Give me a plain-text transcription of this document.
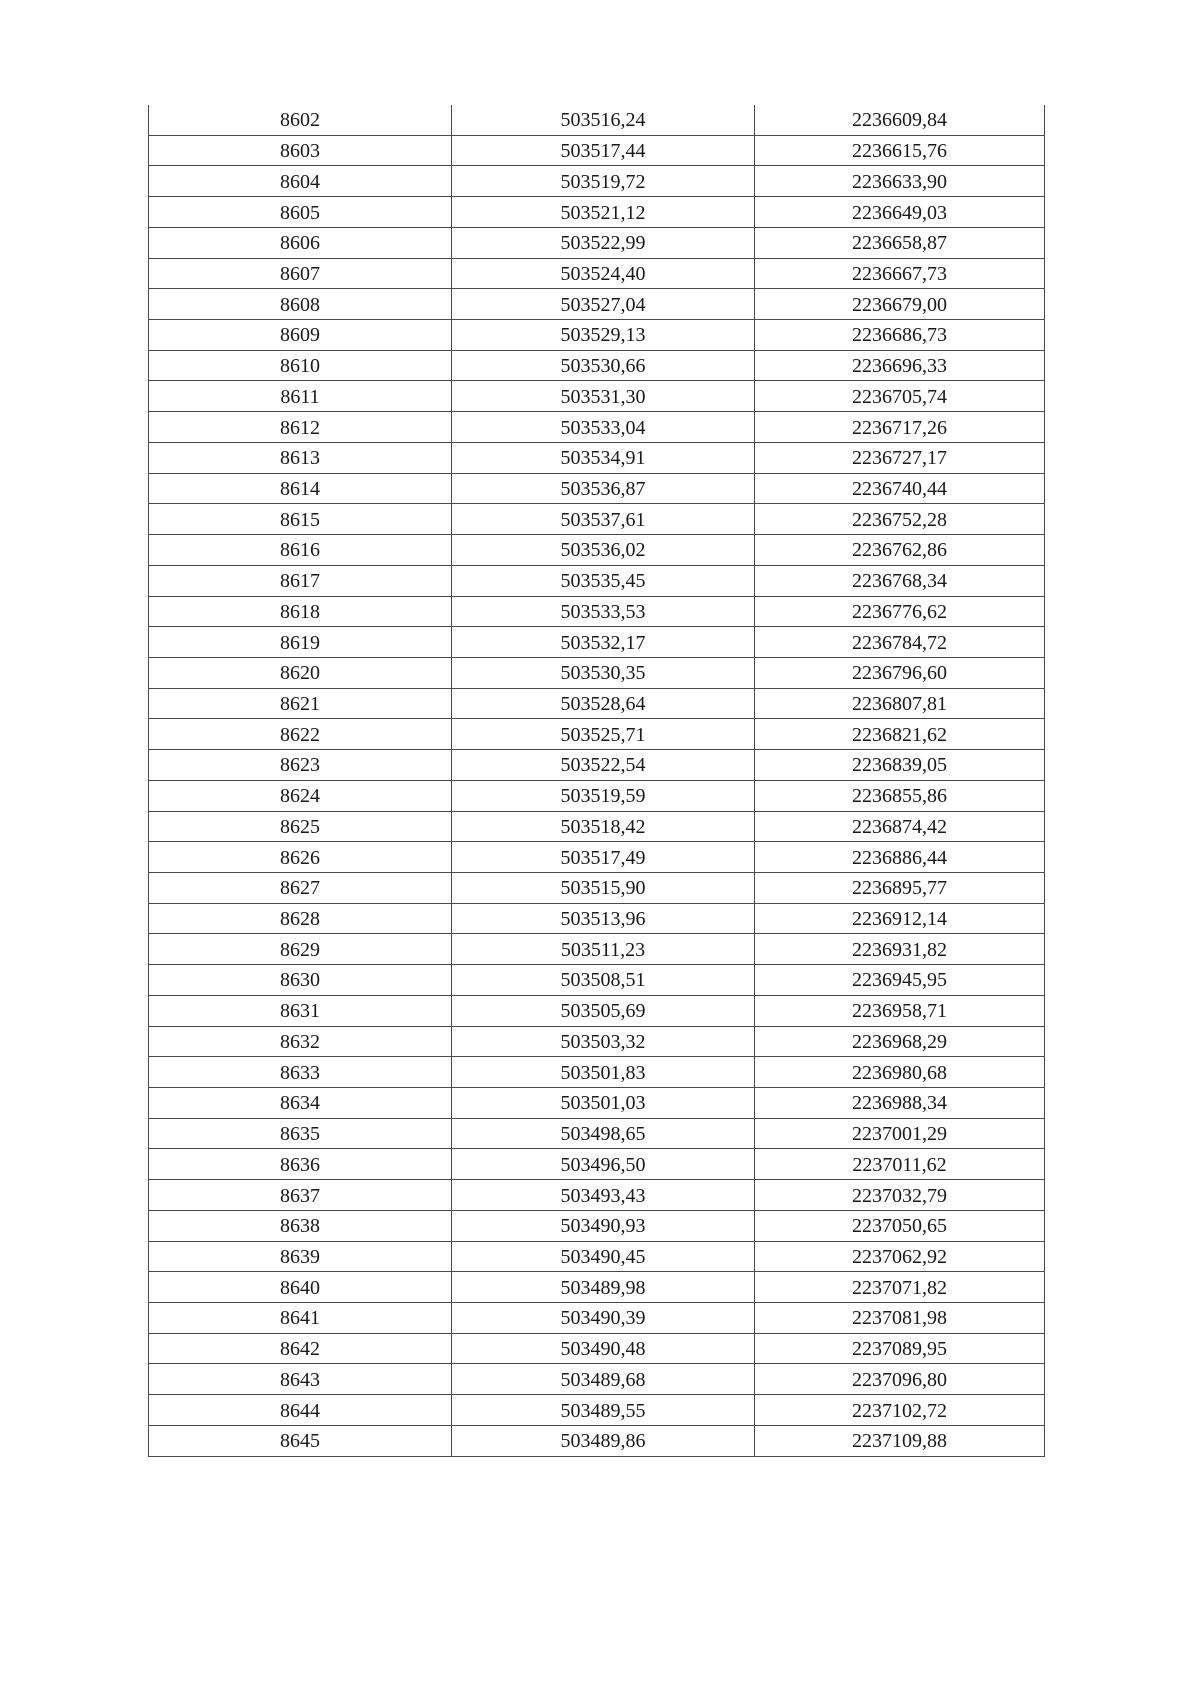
8602	503516,24	2236609,84
8603	503517,44	2236615,76
8604	503519,72	2236633,90
8605	503521,12	2236649,03
8606	503522,99	2236658,87
8607	503524,40	2236667,73
8608	503527,04	2236679,00
8609	503529,13	2236686,73
8610	503530,66	2236696,33
8611	503531,30	2236705,74
8612	503533,04	2236717,26
8613	503534,91	2236727,17
8614	503536,87	2236740,44
8615	503537,61	2236752,28
8616	503536,02	2236762,86
8617	503535,45	2236768,34
8618	503533,53	2236776,62
8619	503532,17	2236784,72
8620	503530,35	2236796,60
8621	503528,64	2236807,81
8622	503525,71	2236821,62
8623	503522,54	2236839,05
8624	503519,59	2236855,86
8625	503518,42	2236874,42
8626	503517,49	2236886,44
8627	503515,90	2236895,77
8628	503513,96	2236912,14
8629	503511,23	2236931,82
8630	503508,51	2236945,95
8631	503505,69	2236958,71
8632	503503,32	2236968,29
8633	503501,83	2236980,68
8634	503501,03	2236988,34
8635	503498,65	2237001,29
8636	503496,50	2237011,62
8637	503493,43	2237032,79
8638	503490,93	2237050,65
8639	503490,45	2237062,92
8640	503489,98	2237071,82
8641	503490,39	2237081,98
8642	503490,48	2237089,95
8643	503489,68	2237096,80
8644	503489,55	2237102,72
8645	503489,86	2237109,88
